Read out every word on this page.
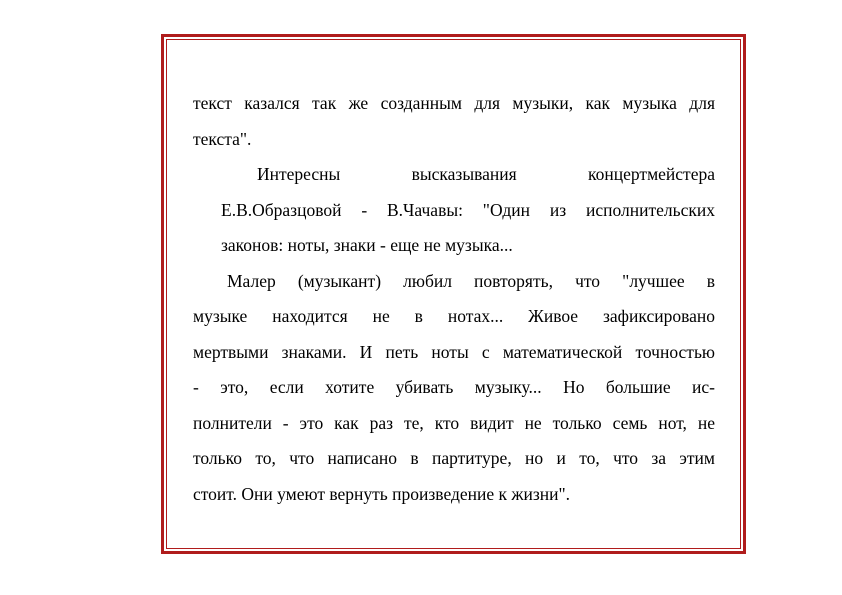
текст казался так же созданным для музыки, как музыка для
текста".
Интересны высказывания концертмейстера
Е.В.Образцовой - В.Чачавы: "Один из исполнительских
законов: ноты, знаки - еще не музыка...
Малер (музыкант) любил повторять, что "лучшее в
музыке находится не в нотах... Живое зафиксировано
мертвыми знаками. И петь ноты с математической точностью
- это, если хотите убивать музыку... Но большие ис-
полнители - это как раз те, кто видит не только семь нот, не
только то, что написано в партитуре, но и то, что за этим
стоит. Они умеют вернуть произведение к жизни".
